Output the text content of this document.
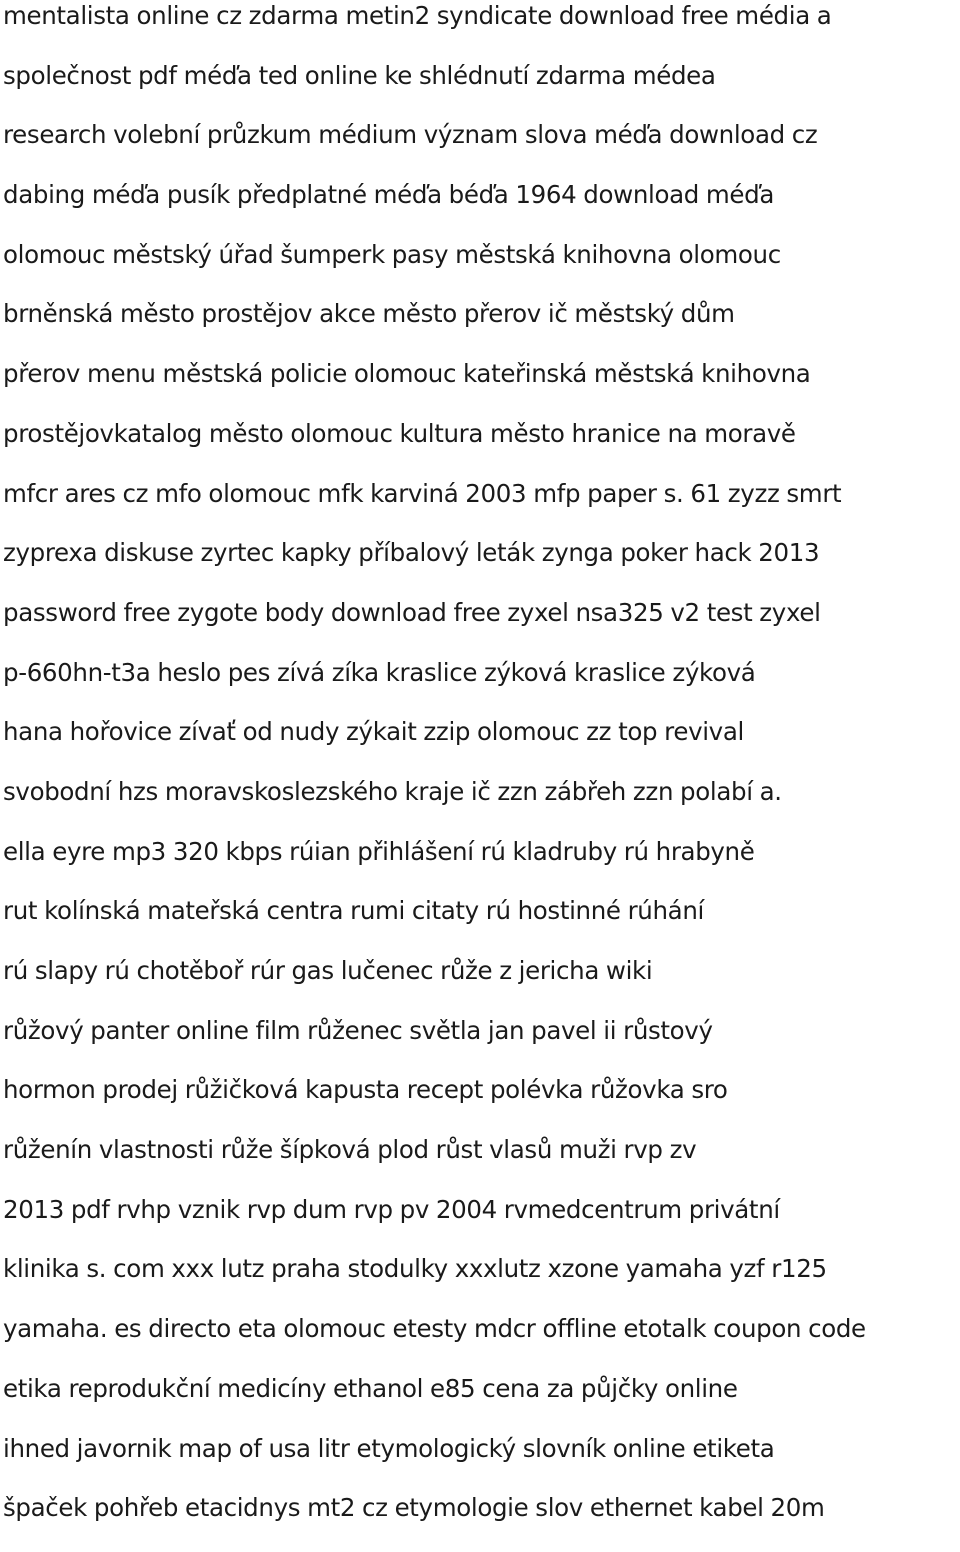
mentalista online cz zdarma metin2 syndicate download free média a
společnost pdf méďa ted online ke shlédnutí zdarma médea
research volební průzkum médium význam slova méďa download cz
dabing méďa pusík předplatné méďa béďa 1964 download méďa
olomouc městský úřad šumperk pasy městská knihovna olomouc
brněnská město prostějov akce město přerov ič městský dům
přerov menu městská policie olomouc kateřinská městská knihovna
prostějovkatalog město olomouc kultura město hranice na moravě
mfcr ares cz mfo olomouc mfk karviná 2003 mfp paper s. 61 zyzz smrt
zyprexa diskuse zyrtec kapky příbalový leták zynga poker hack 2013
password free zygote body download free zyxel nsa325 v2 test zyxel
p-660hn-t3a heslo pes zívá zíka kraslice zýková kraslice zýková
hana hořovice zívať od nudy zýkait zzip olomouc zz top revival
svobodní hzs moravskoslezského kraje ič zzn zábřeh zzn polabí a.
ella eyre mp3 320 kbps rúian přihlášení rú kladruby rú hrabyně
rut kolínská mateřská centra rumi citaty rú hostinné rúhání
rú slapy rú chotěboř rúr gas lučenec růže z jericha wiki
růžový panter online film růženec světla jan pavel ii růstový
hormon prodej růžičková kapusta recept polévka růžovka sro
růženín vlastnosti růže šípková plod růst vlasů muži rvp zv
2013 pdf rvhp vznik rvp dum rvp pv 2004 rvmedcentrum privátní
klinika s. com xxx lutz praha stodulky xxxlutz xzone yamaha yzf r125
yamaha. es directo eta olomouc etesty mdcr offline etotalk coupon code
etika reprodukční medicíny ethanol e85 cena za půjčky online
ihned javornik map of usa litr etymologický slovník online etiketa
špaček pohřeb etacidnys mt2 cz etymologie slov ethernet kabel 20m
